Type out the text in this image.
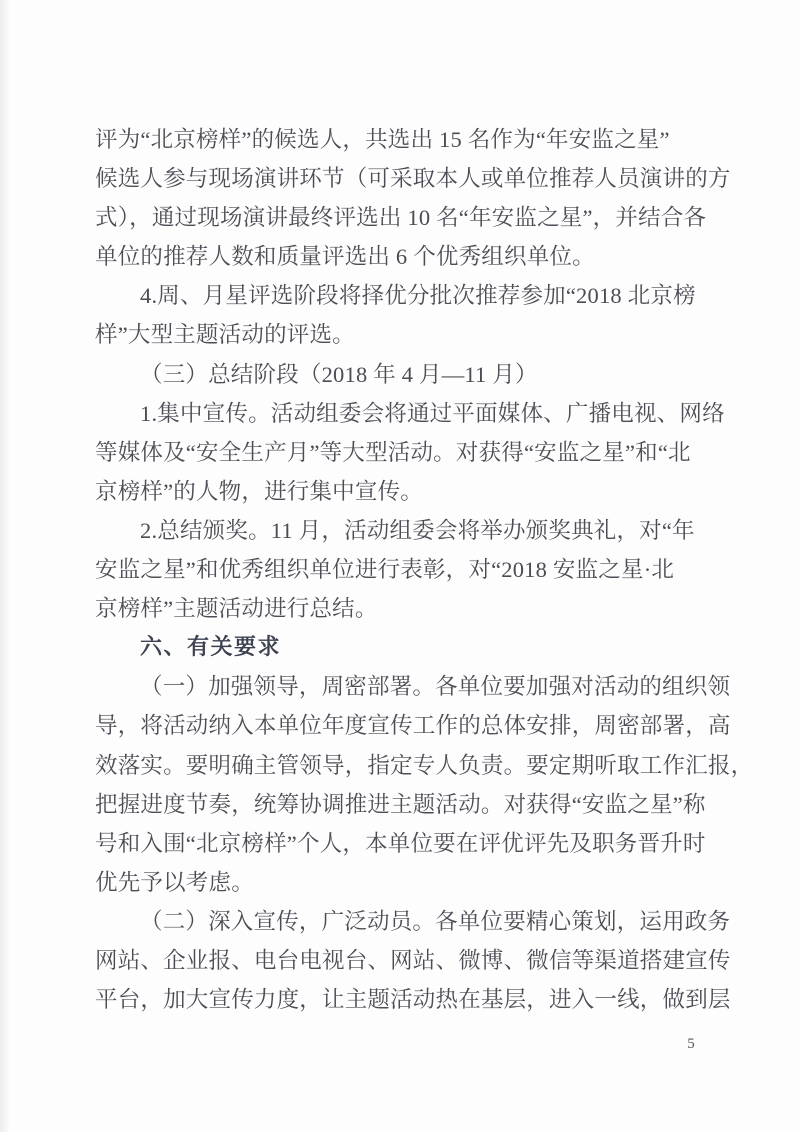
评为“北京榜样”的候选人，共选出 15 名作为“年安监之星”
候选人参与现场演讲环节（可采取本人或单位推荐人员演讲的方
式），通过现场演讲最终评选出 10 名“年安监之星”，并结合各
单位的推荐人数和质量评选出 6 个优秀组织单位。
4.周、月星评选阶段将择优分批次推荐参加“2018 北京榜
样”大型主题活动的评选。
（三）总结阶段（2018 年 4 月—11 月）
1.集中宣传。活动组委会将通过平面媒体、广播电视、网络
等媒体及“安全生产月”等大型活动。对获得“安监之星”和“北
京榜样”的人物，进行集中宣传。
2.总结颁奖。11 月，活动组委会将举办颁奖典礼，对“年
安监之星”和优秀组织单位进行表彰，对“2018 安监之星·北
京榜样”主题活动进行总结。
六、有关要求
（一）加强领导，周密部署。各单位要加强对活动的组织领
导，将活动纳入本单位年度宣传工作的总体安排，周密部署，高
效落实。要明确主管领导，指定专人负责。要定期听取工作汇报，
把握进度节奏，统筹协调推进主题活动。对获得“安监之星”称
号和入围“北京榜样”个人，本单位要在评优评先及职务晋升时
优先予以考虑。
（二）深入宣传，广泛动员。各单位要精心策划，运用政务
网站、企业报、电台电视台、网站、微博、微信等渠道搭建宣传
平台，加大宣传力度，让主题活动热在基层，进入一线，做到层
5
